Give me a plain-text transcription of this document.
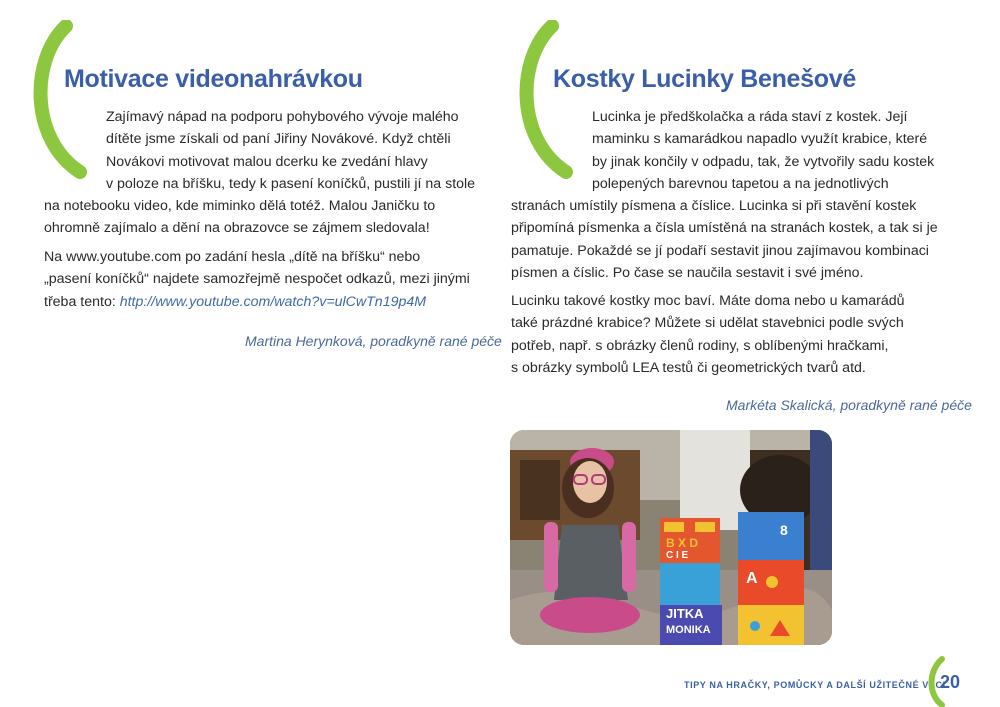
Motivace videonahrávkou
Zajímavý nápad na podporu pohybového vývoje malého
dítěte jsme získali od paní Jiřiny Novákové. Když chtěli
Novákovi motivovat malou dcerku ke zvedání hlavy
v poloze na bříšku, tedy k pasení koníčků, pustili jí na stole
na notebooku video, kde miminko dělá totéž. Malou Janičku to
ohromně zajímalo a dění na obrazovce se zájmem sledovala!
Na www.youtube.com po zadání hesla „dítě na bříšku“ nebo
„pasení koníčků“ najdete samozřejmě nespočet odkazů, mezi jinými
třeba tento: http://www.youtube.com/watch?v=ulCwTn19p4M
Martina Herynková, poradkyně rané péče
Kostky Lucinky Benešové
Lucinka je předškolačka a ráda staví z kostek. Její
maminku s kamarádkou napadlo využít krabice, které
by jinak končily v odpadu, tak, že vytvořily sadu kostek
polepených barevnou tapetou a na jednotlivých
stranách umístily písmena a číslice. Lucinka si při stavění kostek
připomíná písmenka a čísla umístěná na stranách kostek, a tak si je
pamatuje. Pokaždé se jí podaří sestavit jinou zajímavou kombinaci
písmen a číslic. Po čase se naučila sestavit i své jméno.
Lucinku takové kostky moc baví. Máte doma nebo u kamarádů
také prázdné krabice? Můžete si udělat stavebnici podle svých
potřeb, např. s obrázky členů rodiny, s oblíbenými hračkami,
s obrázky symbolů LEA testů či geometrických tvarů atd.
Markéta Skalická, poradkyně rané péče
JITKA
MONIKA
B X D
C I E
8
A
TIPY NA HRAČKY, POMŮCKY A DALŠÍ UŽITEČNÉ VĚCI
20
